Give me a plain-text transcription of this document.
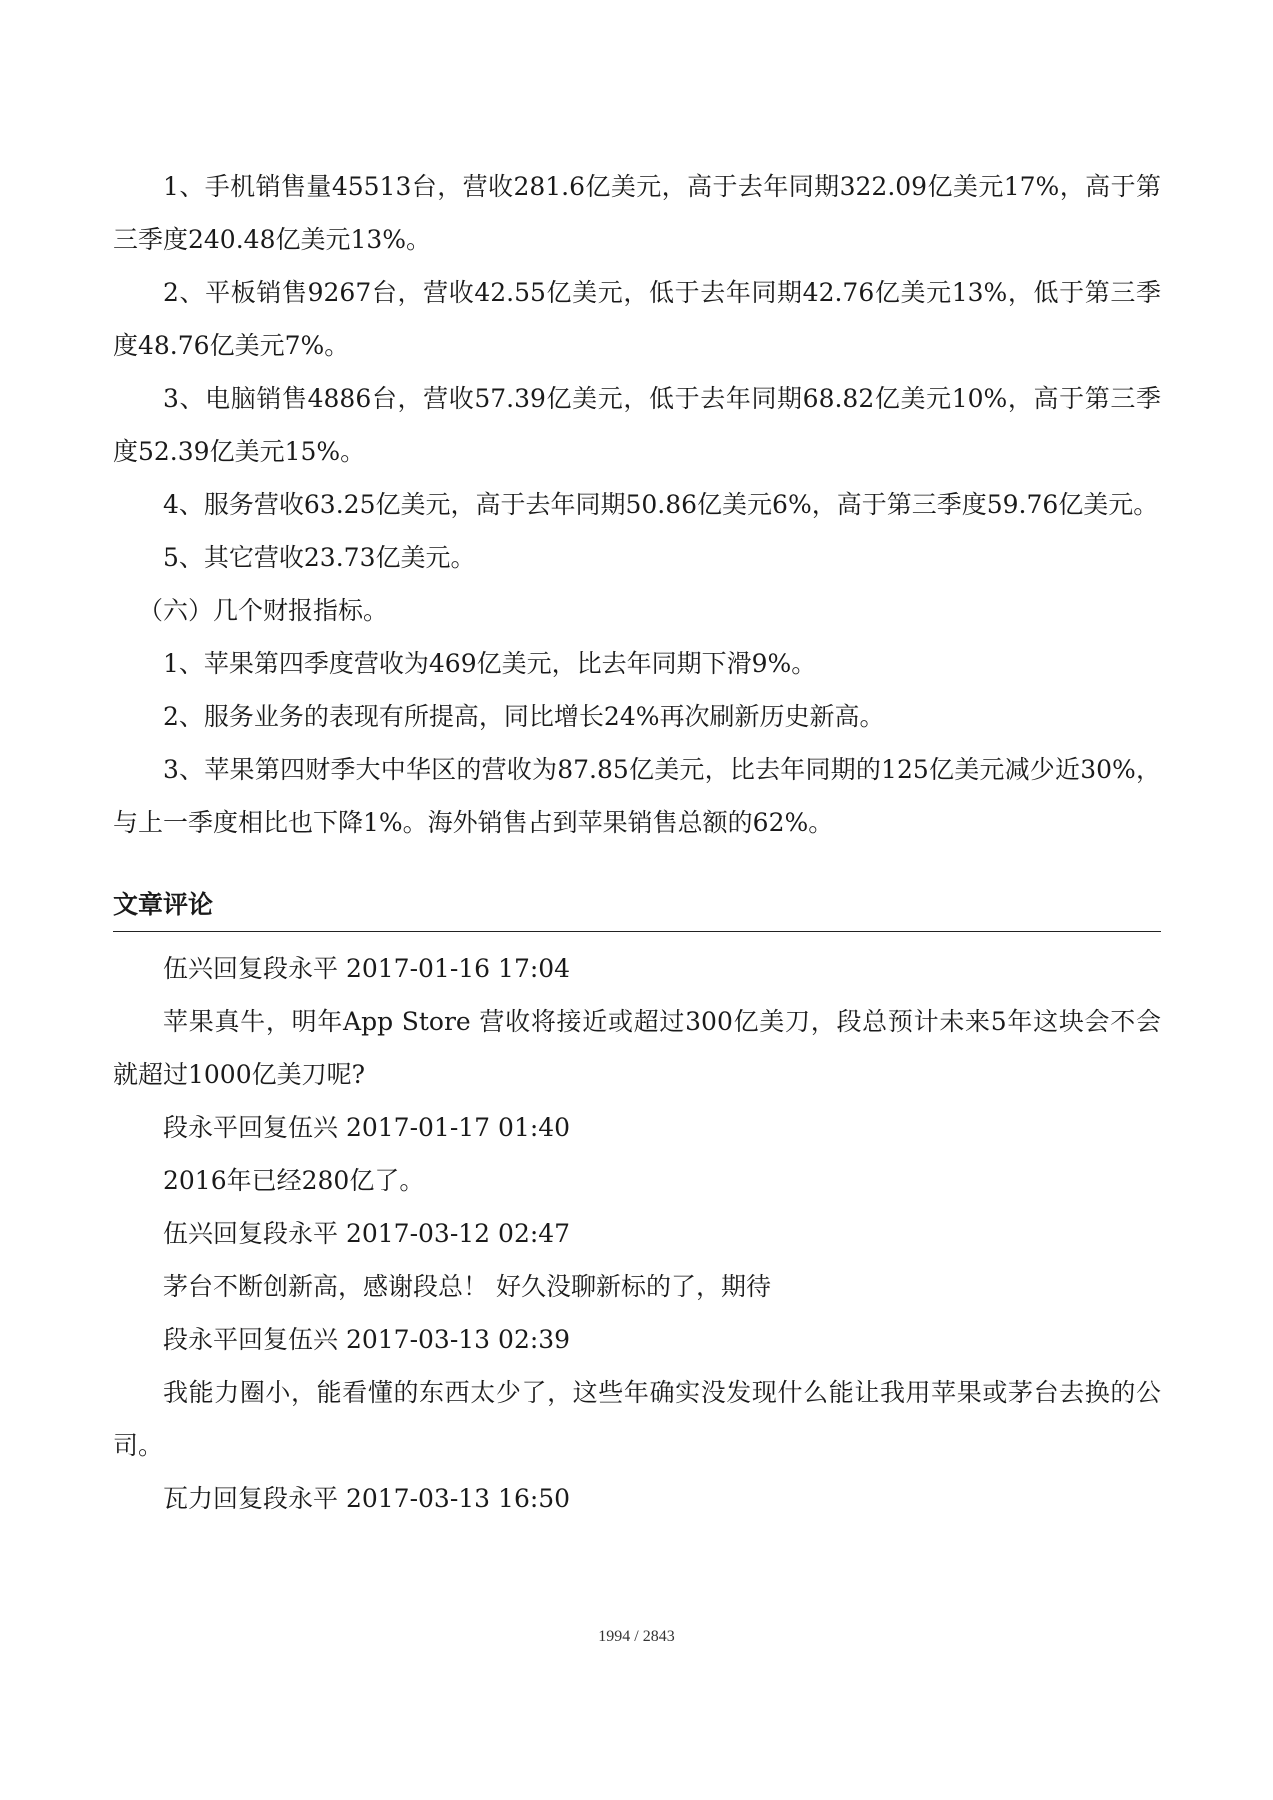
1、手机销售量45513台，营收281.6亿美元，高于去年同期322.09亿美元17%，高于第三季度240.48亿美元13%。

2、平板销售9267台，营收42.55亿美元，低于去年同期42.76亿美元13%，低于第三季度48.76亿美元7%。

3、电脑销售4886台，营收57.39亿美元，低于去年同期68.82亿美元10%，高于第三季度52.39亿美元15%。

4、服务营收63.25亿美元，高于去年同期50.86亿美元6%，高于第三季度59.76亿美元。

5、其它营收23.73亿美元。

（六）几个财报指标。

1、苹果第四季度营收为469亿美元，比去年同期下滑9%。

2、服务业务的表现有所提高，同比增长24%再次刷新历史新高。

3、苹果第四财季大中华区的营收为87.85亿美元，比去年同期的125亿美元减少近30%，与上一季度相比也下降1%。海外销售占到苹果销售总额的62%。

文章评论

伍兴回复段永平 2017-01-16 17:04

苹果真牛，明年App Store 营收将接近或超过300亿美刀，段总预计未来5年这块会不会就超过1000亿美刀呢?

段永平回复伍兴 2017-01-17 01:40

2016年已经280亿了。

伍兴回复段永平 2017-03-12 02:47

茅台不断创新高，感谢段总！ 好久没聊新标的了，期待

段永平回复伍兴 2017-03-13 02:39

我能力圈小，能看懂的东西太少了，这些年确实没发现什么能让我用苹果或茅台去换的公司。

瓦力回复段永平 2017-03-13 16:50

1994 / 2843
